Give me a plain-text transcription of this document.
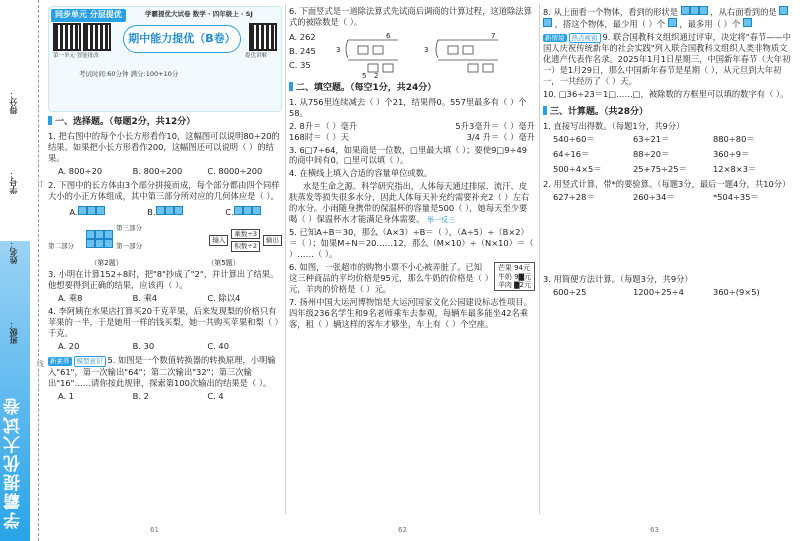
学霸提优大试卷
得分：
学号：
姓名：
班级：
订
线
同步单元 分层提优	学霸提优大试卷 数学 · 四年级上 · SJ
第一单元 智能批改	提优讲解
期中能力提优（B卷）
考试时间:60分钟 满分:100+10分
一、选择题。（每题2分，共12分）
1. 把右图中的每个小长方形看作10，这幅图可以说明80÷20的结果。如果把小长方形看作200，这幅图还可以说明（ ）的结果。
A. 800÷20	B. 800÷200	C. 8000÷200
2. 下图中的长方体由3个部分拼接而成，每个部分都由四个同样大小的小正方体组成，其中第三部分所对应的几何体应是（ ）。
A.	B.	C.
第二部分
第三部分
第一部分
输入
乘数÷3
积数÷2
输出
（第2题）	（第5题）
3. 小明在计算152÷8时，把"8"抄成了"2"，并计算出了结果。他想要得到正确的结果，应该再（ ）。
A. 乘8	B. 乘4	C. 除以4
4. 李阿姨在水果店打算买20千克苹果，后来发现梨的价格只有苹果的一半，于是她用一样的钱买梨，她一共购买苹果和梨（ ）千克。
A. 20	B. 30	C. 40
新素养 模型意识 5. 如图是一个数值转换器的转换原理，小明输入"61"，第一次输出"64"；第二次输出"32"；第三次输出"16"……请你按此规律，探索第100次输出的结果是（ ）。
A. 1	B. 2	C. 4
61
6. 下面竖式是一道除法算式先试商后调商的计算过程，这道除法算式的被除数是（ ）。
A. 262
B. 245
C. 35
6	7
3	3
5 2
二、填空题。（每空1分，共24分）
1. 从756里连续减去（ ）个21，结果得0。557里最多有（ ）个58。
2. 8升＝（ ）毫升	5升3毫升＝（ ）毫升
168时＝（ ）天	3/4 升＝（ ）毫升
3. 6□7÷64，如果商是一位数，□里最大填（ ）；要使9□9÷49的商中间有0，□里可以填（ ）。
4. 在横线上填入合适的容量单位或数。
水是生命之源。科学研究指出，人体每天通过排尿、流汗、皮肤蒸发等损失很多水分，因此人体每天补充约需要补充2（ ）左右的水分。小雨随身携带的保温杯的容量是500（ ），她每天至少要喝（ ）保温杯水才能满足身体需要。 举一反三
5. 已知A÷B＝30，那么（A×3）÷B＝（ ），（A÷5）÷（B×2）＝（ ）；如果M÷N＝20……12，那么（M×10）÷（N×10）＝（ ）……（ ）。
芒果 94元
牛奶 9▇元
羊肉 ▇2元
6. 如图，一张超市的购物小票不小心被弄脏了。已知这三种商品的平均价格是95元，那么牛奶的价格是（ ）元，羊肉的价格是（ ）元。
7. 扬州中国大运河博物馆是大运河国家文化公园建设标志性项目。四年级236名学生和9名老师乘车去参观，每辆车最多能坐42名乘客，租（ ）辆这样的客车才够坐，车上有（ ）个空座。
62
8. 从上面看一个物体，看到的形状是	，从右面看到的是  ，搭这个物体，最少用（ ）个 ，最多用（ ）个
新情境 热点视窗 9. 联合国教科文组织通过评审，决定将"春节——中国人庆祝传统新年的社会实践"列入联合国教科文组织人类非物质文化遗产代表作名录。2025年1月1日星期三，中国新年春节（大年初一）是1月29日，那么中国新年春节是星期（ ），从元旦到大年初一，一共经历了（ ）天。
10. □36÷23＝1□……□，被除数的方框里可以填的数字有（ ）。
三、计算题。（共28分）
1. 直接写出得数。（每题1分，共9分）
540÷60＝	63÷21＝	880÷80＝
64÷16＝	88÷20＝	360÷9＝
500÷4×5＝	25+75÷25＝	12×8×3＝
2. 用竖式计算，带*的要验算。（每题3分，最后一题4分，共10分）
627÷28＝	260÷34＝	*504÷35＝
3. 用简便方法计算。（每题3分，共9分）
600÷25	1200÷25÷4	360÷(9×5)
63
